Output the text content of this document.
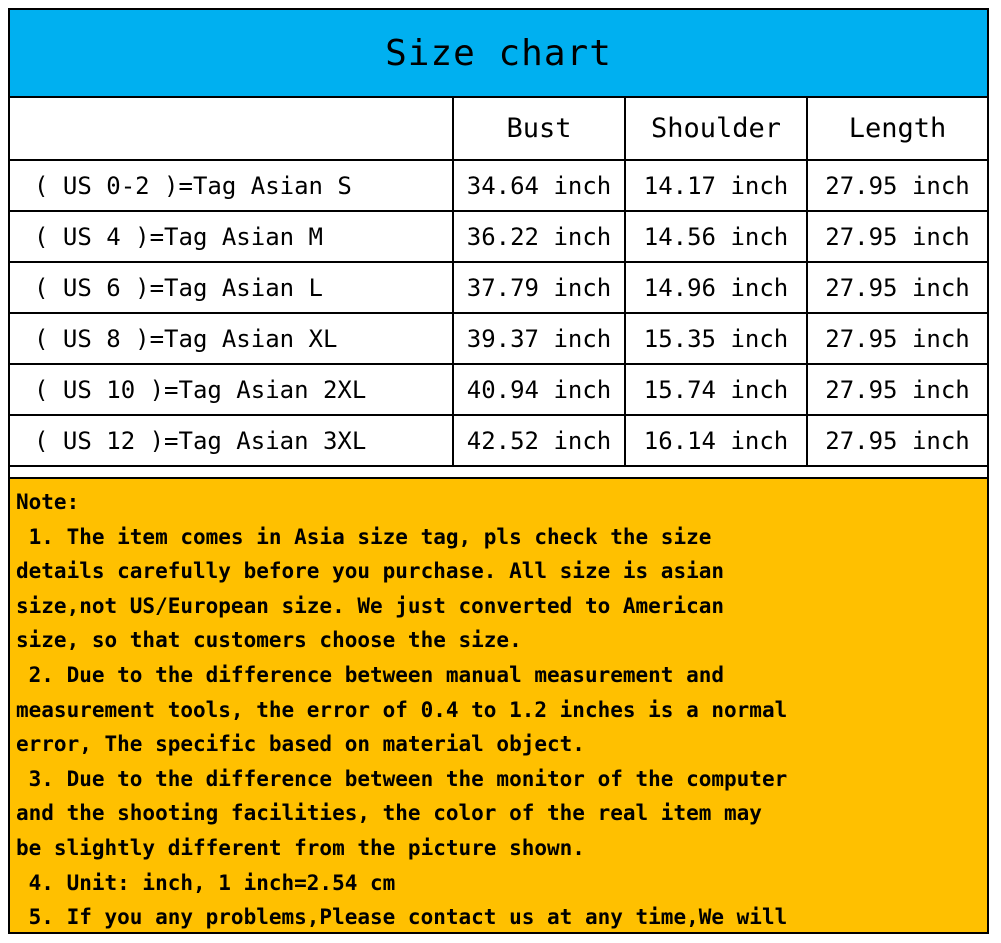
Size chart
	Bust	Shoulder	Length
( US 0-2 )=Tag Asian S	34.64 inch	14.17 inch	27.95 inch
( US 4 )=Tag Asian M	36.22 inch	14.56 inch	27.95 inch
( US 6 )=Tag Asian L	37.79 inch	14.96 inch	27.95 inch
( US 8 )=Tag Asian XL	39.37 inch	15.35 inch	27.95 inch
( US 10 )=Tag Asian 2XL	40.94 inch	15.74 inch	27.95 inch
( US 12 )=Tag Asian 3XL	42.52 inch	16.14 inch	27.95 inch

Note:

1. The item comes in Asia size tag, pls check the size

details carefully before you purchase. All size is asian

size,not US/European size. We just converted to American

size, so that customers choose the size.

2. Due to the difference between manual measurement and

measurement tools, the error of 0.4 to 1.2 inches is a normal

error, The specific based on material object.

3. Due to the difference between the monitor of the computer

and the shooting facilities, the color of the real item may

be slightly different from the picture shown.

4. Unit: inch, 1 inch=2.54 cm

5. If you any problems,Please contact us at any time,We will
